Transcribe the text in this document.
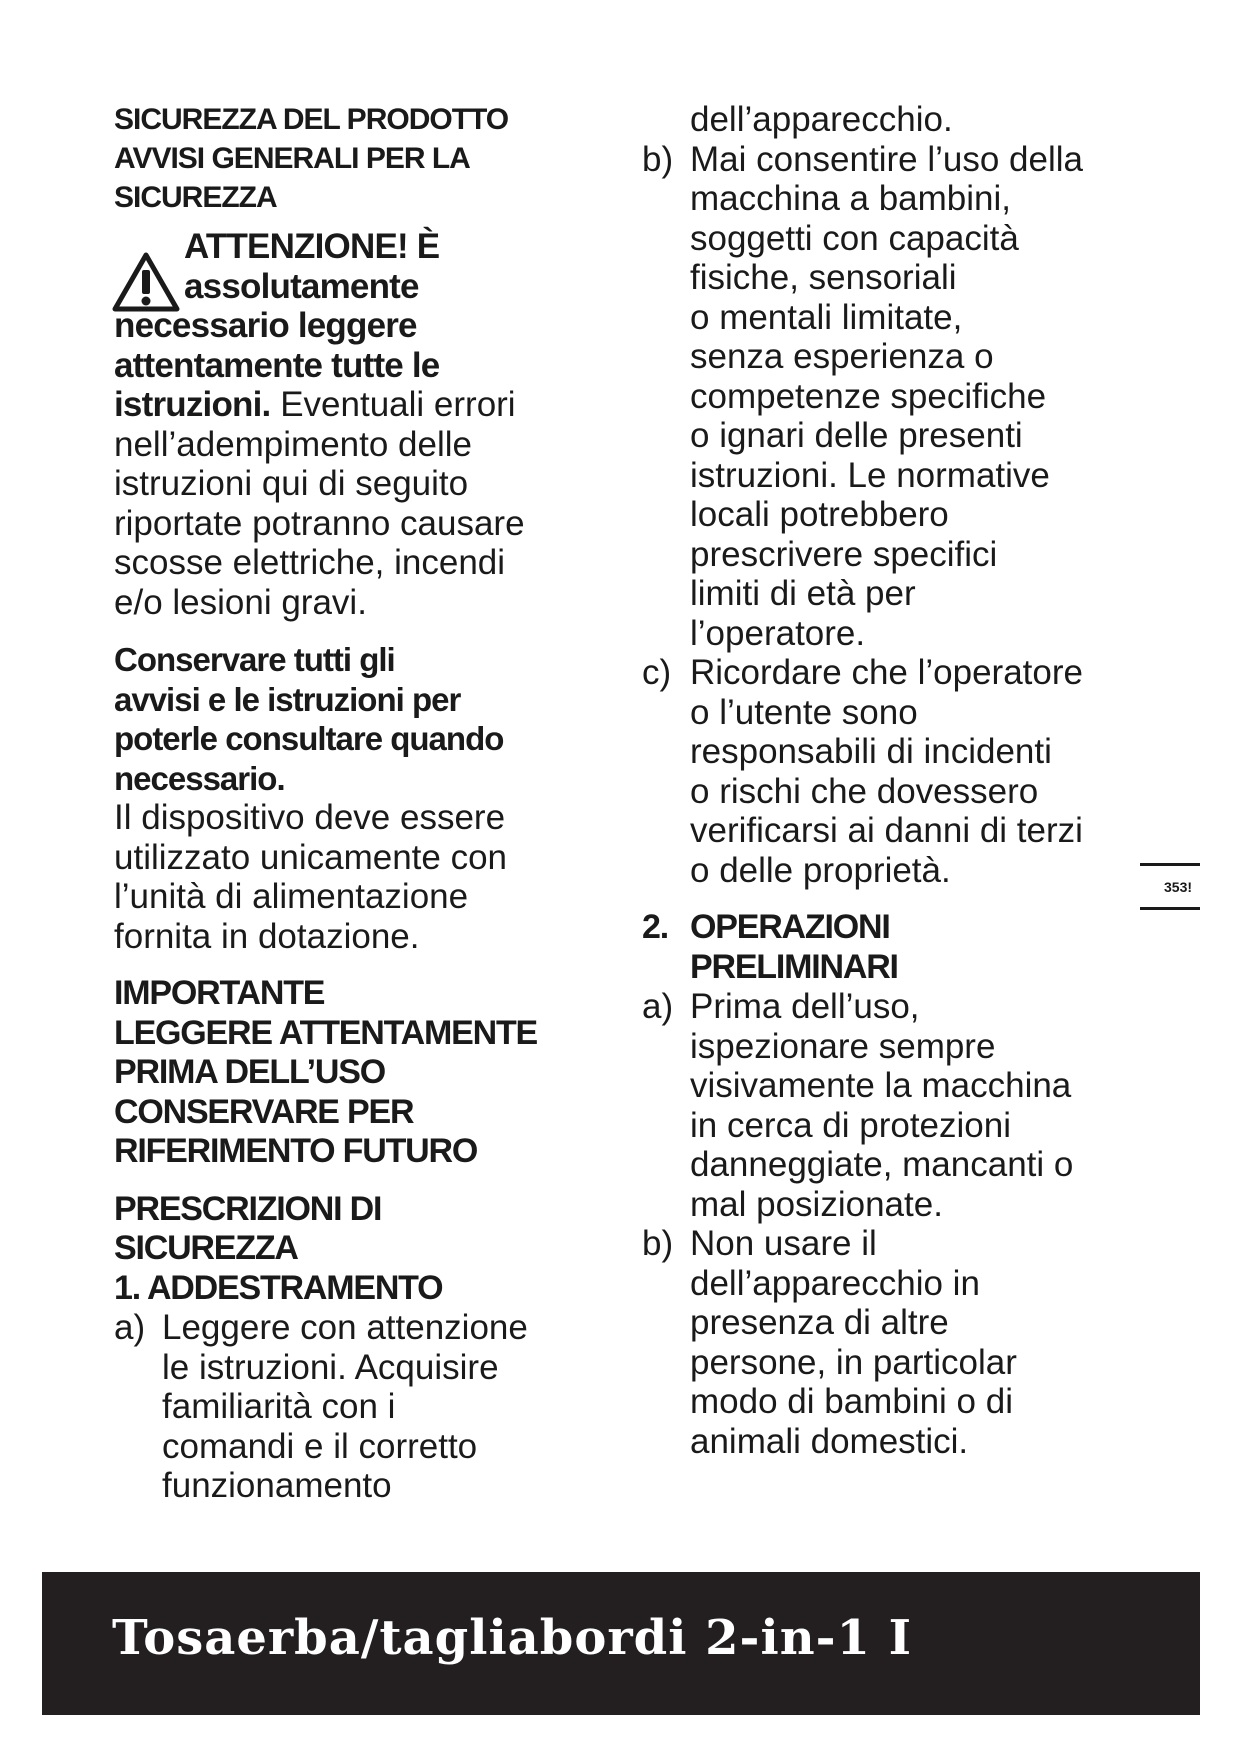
SICUREZZA DEL PRODOTTO

AVVISI GENERALI PER LA

SICUREZZA

ATTENZIONE! È

assolutamente

necessario leggere

attentamente tutte le

istruzioni. Eventuali errori

nell’adempimento delle

istruzioni qui di seguito

riportate potranno causare

scosse elettriche, incendi

e/o lesioni gravi.

Conservare tutti gli

avvisi e le istruzioni per

poterle consultare quando

necessario.

Il dispositivo deve essere

utilizzato unicamente con

l’unità di alimentazione

fornita in dotazione.

IMPORTANTE

LEGGERE ATTENTAMENTE

PRIMA DELL’USO

CONSERVARE PER

RIFERIMENTO FUTURO

PRESCRIZIONI DI

SICUREZZA

1. ADDESTRAMENTO

a) Leggere con attenzione

le istruzioni. Acquisire

familiarità con i

comandi e il corretto

funzionamento

dell’apparecchio.

b) Mai consentire l’uso della

macchina a bambini,

soggetti con capacità

fisiche, sensoriali

o mentali limitate,

senza esperienza o

competenze specifiche

o ignari delle presenti

istruzioni. Le normative

locali potrebbero

prescrivere specifici

limiti di età per

l’operatore.

c) Ricordare che l’operatore

o l’utente sono

responsabili di incidenti

o rischi che dovessero

verificarsi ai danni di terzi

o delle proprietà.

2. OPERAZIONI

PRELIMINARI

a) Prima dell’uso,

ispezionare sempre

visivamente la macchina

in cerca di protezioni

danneggiate, mancanti o

mal posizionate.

b) Non usare il

dell’apparecchio in

presenza di altre

persone, in particolar

modo di bambini o di

animali domestici.

353!
Tosaerba/tagliabordi 2-in-1 I
